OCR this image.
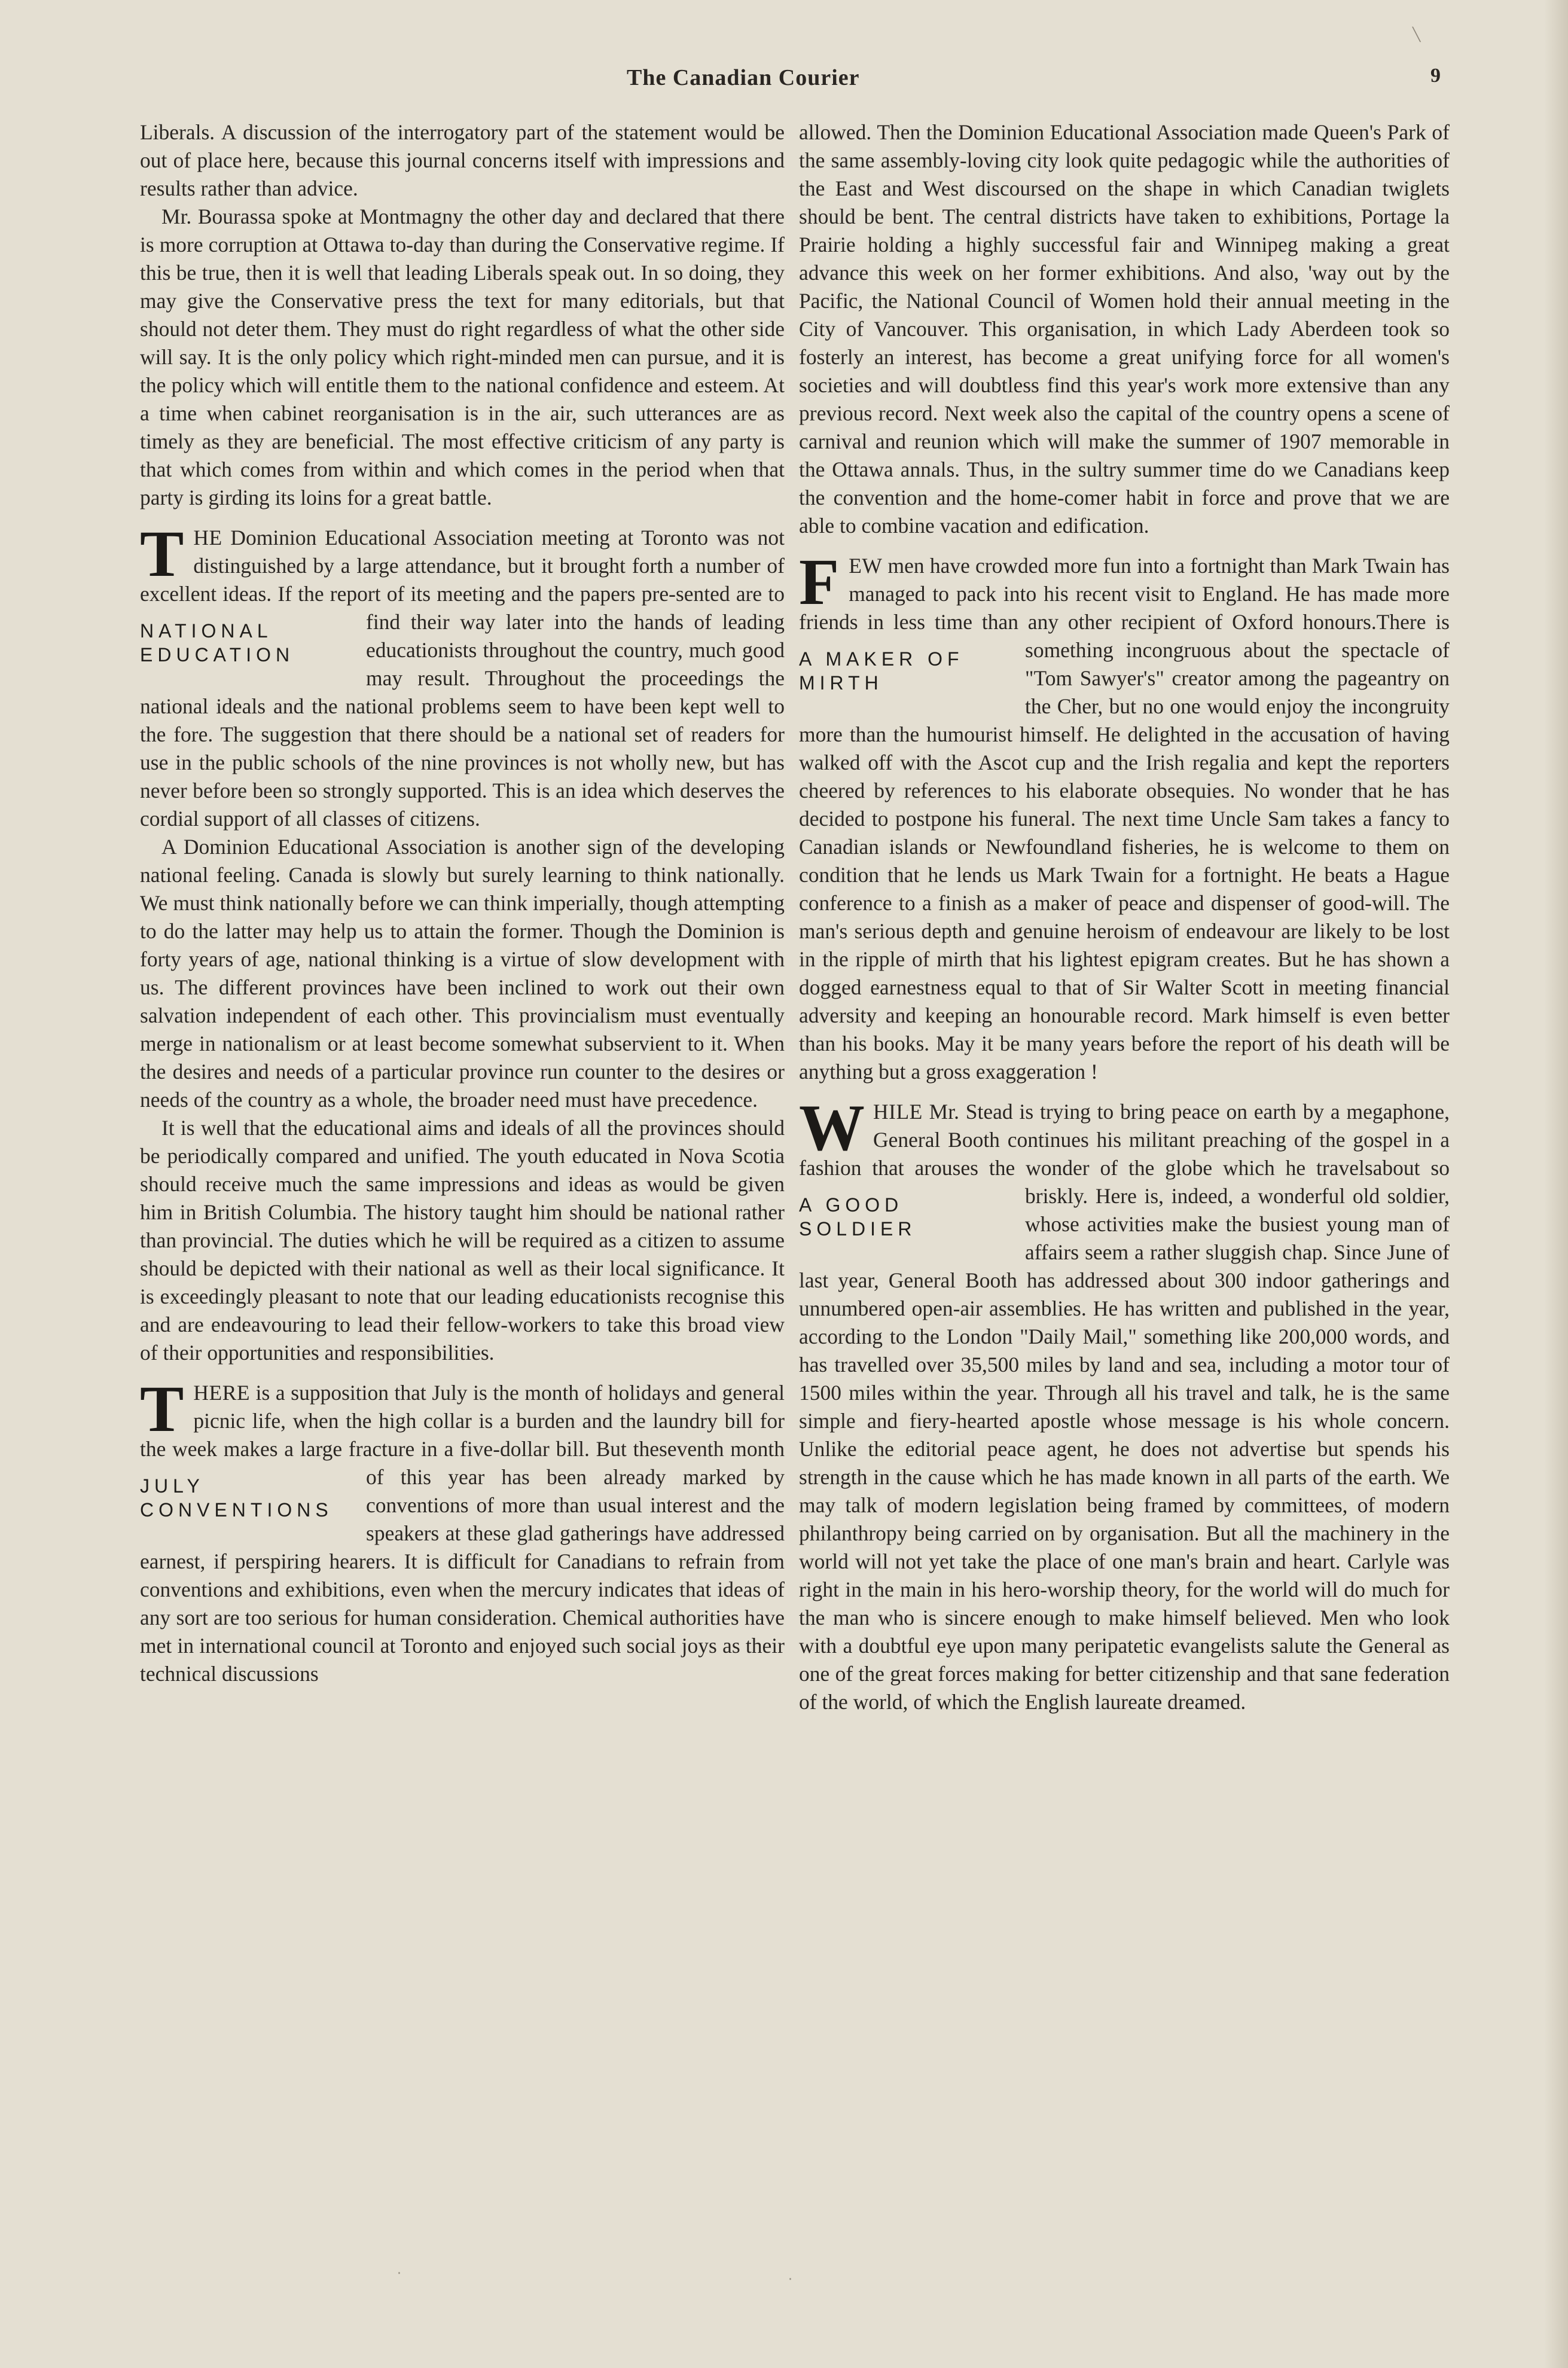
The Canadian Courier	9

Liberals. A discussion of the interrogatory part of the statement would be out of place here, because this journal concerns itself with impressions and results rather than advice.

Mr. Bourassa spoke at Montmagny the other day and declared that there is more corruption at Ottawa to-day than during the Conservative regime. If this be true, then it is well that leading Liberals speak out. In so doing, they may give the Conservative press the text for many editorials, but that should not deter them. They must do right regardless of what the other side will say. It is the only policy which right-minded men can pursue, and it is the policy which will entitle them to the national confidence and esteem. At a time when cabinet reorganisation is in the air, such utterances are as timely as they are beneficial. The most effective criticism of any party is that which comes from within and which comes in the period when that party is girding its loins for a great battle.

THE Dominion Educational Association meeting at Toronto was not distinguished by a large attendance, but it brought forth a number of excellent ideas. If the report of its meeting and the papers pre-
NATIONAL EDUCATION
sented are to find their way later into the hands of leading educationists throughout the country, much good may result. Throughout the proceedings the national ideals and the national problems seem to have been kept well to the fore. The suggestion that there should be a national set of readers for use in the public schools of the nine provinces is not wholly new, but has never before been so strongly supported. This is an idea which deserves the cordial support of all classes of citizens.

A Dominion Educational Association is another sign of the developing national feeling. Canada is slowly but surely learning to think nationally. We must think nationally before we can think imperially, though attempting to do the latter may help us to attain the former. Though the Dominion is forty years of age, national thinking is a virtue of slow development with us. The different provinces have been inclined to work out their own salvation independent of each other. This provincialism must eventually merge in nationalism or at least become somewhat subservient to it. When the desires and needs of a particular province run counter to the desires or needs of the country as a whole, the broader need must have precedence.

It is well that the educational aims and ideals of all the provinces should be periodically compared and unified. The youth educated in Nova Scotia should receive much the same impressions and ideas as would be given him in British Columbia. The history taught him should be national rather than provincial. The duties which he will be required as a citizen to assume should be depicted with their national as well as their local significance. It is exceedingly pleasant to note that our leading educationists recognise this and are endeavouring to lead their fellow-workers to take this broad view of their opportunities and responsibilities.

THERE is a supposition that July is the month of holidays and general picnic life, when the high collar is a burden and the laundry bill for the week makes a large fracture in a five-dollar bill. But the
JULY CONVENTIONS
seventh month of this year has been already marked by conventions of more than usual interest and the speakers at these glad gatherings have addressed earnest, if perspiring hearers. It is difficult for Canadians to refrain from conventions and exhibitions, even when the mercury indicates that ideas of any sort are too serious for human consideration. Chemical authorities have met in international council at Toronto and enjoyed such social joys as their technical discussions

allowed. Then the Dominion Educational Association made Queen's Park of the same assembly-loving city look quite pedagogic while the authorities of the East and West discoursed on the shape in which Canadian twiglets should be bent. The central districts have taken to exhibitions, Portage la Prairie holding a highly successful fair and Winnipeg making a great advance this week on her former exhibitions. And also, 'way out by the Pacific, the National Council of Women hold their annual meeting in the City of Vancouver. This organisation, in which Lady Aberdeen took so fosterly an interest, has become a great unifying force for all women's societies and will doubtless find this year's work more extensive than any previous record. Next week also the capital of the country opens a scene of carnival and reunion which will make the summer of 1907 memorable in the Ottawa annals. Thus, in the sultry summer time do we Canadians keep the convention and the home-comer habit in force and prove that we are able to combine vacation and edification.

FEW men have crowded more fun into a fortnight than Mark Twain has managed to pack into his recent visit to England. He has made more friends in less time than any other recipient of Oxford honours.
A MAKER OF MIRTH
There is something incongruous about the spectacle of "Tom Sawyer's" creator among the pageantry on the Cher, but no one would enjoy the incongruity more than the humourist himself. He delighted in the accusation of having walked off with the Ascot cup and the Irish regalia and kept the reporters cheered by references to his elaborate obsequies. No wonder that he has decided to postpone his funeral. The next time Uncle Sam takes a fancy to Canadian islands or Newfoundland fisheries, he is welcome to them on condition that he lends us Mark Twain for a fortnight. He beats a Hague conference to a finish as a maker of peace and dispenser of good-will. The man's serious depth and genuine heroism of endeavour are likely to be lost in the ripple of mirth that his lightest epigram creates. But he has shown a dogged earnestness equal to that of Sir Walter Scott in meeting financial adversity and keeping an honourable record. Mark himself is even better than his books. May it be many years before the report of his death will be anything but a gross exaggeration !

WHILE Mr. Stead is trying to bring peace on earth by a megaphone, General Booth continues his militant preaching of the gospel in a fashion that arouses the wonder of the globe which he travels
A GOOD SOLDIER
about so briskly. Here is, indeed, a wonderful old soldier, whose activities make the busiest young man of affairs seem a rather sluggish chap. Since June of last year, General Booth has addressed about 300 indoor gatherings and unnumbered open-air assemblies. He has written and published in the year, according to the London "Daily Mail," something like 200,000 words, and has travelled over 35,500 miles by land and sea, including a motor tour of 1500 miles within the year. Through all his travel and talk, he is the same simple and fiery-hearted apostle whose message is his whole concern. Unlike the editorial peace agent, he does not advertise but spends his strength in the cause which he has made known in all parts of the earth. We may talk of modern legislation being framed by committees, of modern philanthropy being carried on by organisation. But all the machinery in the world will not yet take the place of one man's brain and heart. Carlyle was right in the main in his hero-worship theory, for the world will do much for the man who is sincere enough to make himself believed. Men who look with a doubtful eye upon many peripatetic evangelists salute the General as one of the great forces making for better citizenship and that sane federation of the world, of which the English laureate dreamed.

╲
·	·
